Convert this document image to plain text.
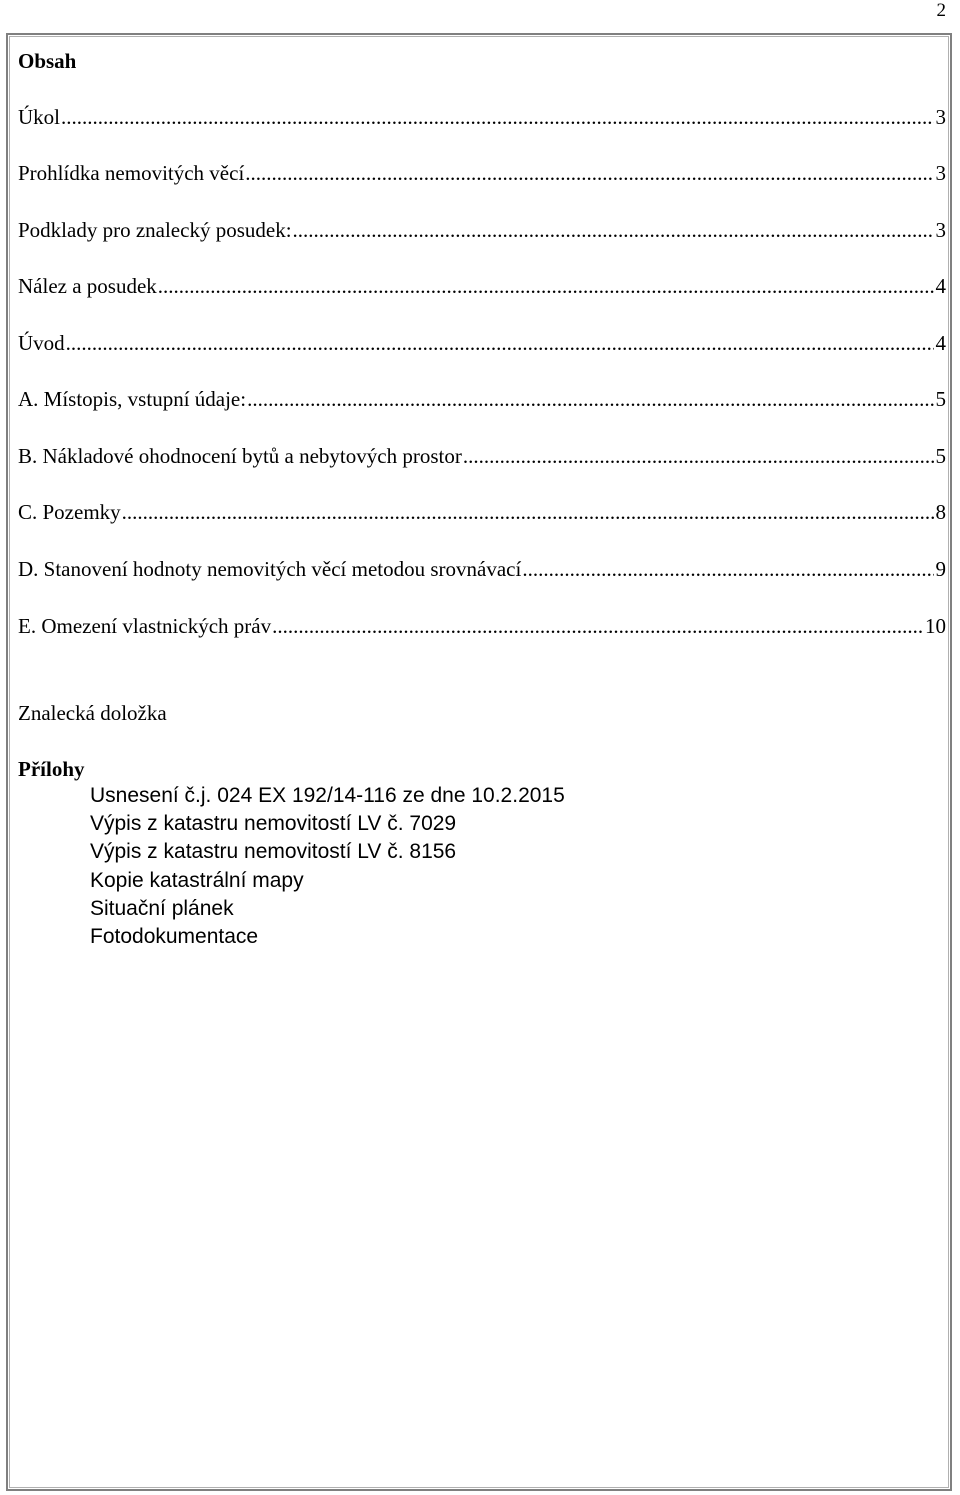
2
Obsah
Úkol .....	3
Prohlídka nemovitých věcí .....	3
Podklady pro znalecký posudek: .....	3
Nález a posudek .....	4
Úvod .....	4
A. Místopis, vstupní údaje: .....	5
B. Nákladové ohodnocení bytů a nebytových prostor .....	5
C. Pozemky .....	8
D. Stanovení hodnoty nemovitých věcí metodou srovnávací .....	9
E. Omezení vlastnických práv .....	10
Znalecká doložka
Přílohy
Usnesení č.j. 024 EX 192/14-116 ze dne 10.2.2015
Výpis z katastru nemovitostí LV č. 7029
Výpis z katastru nemovitostí LV č. 8156
Kopie katastrální mapy
Situační plánek
Fotodokumentace
